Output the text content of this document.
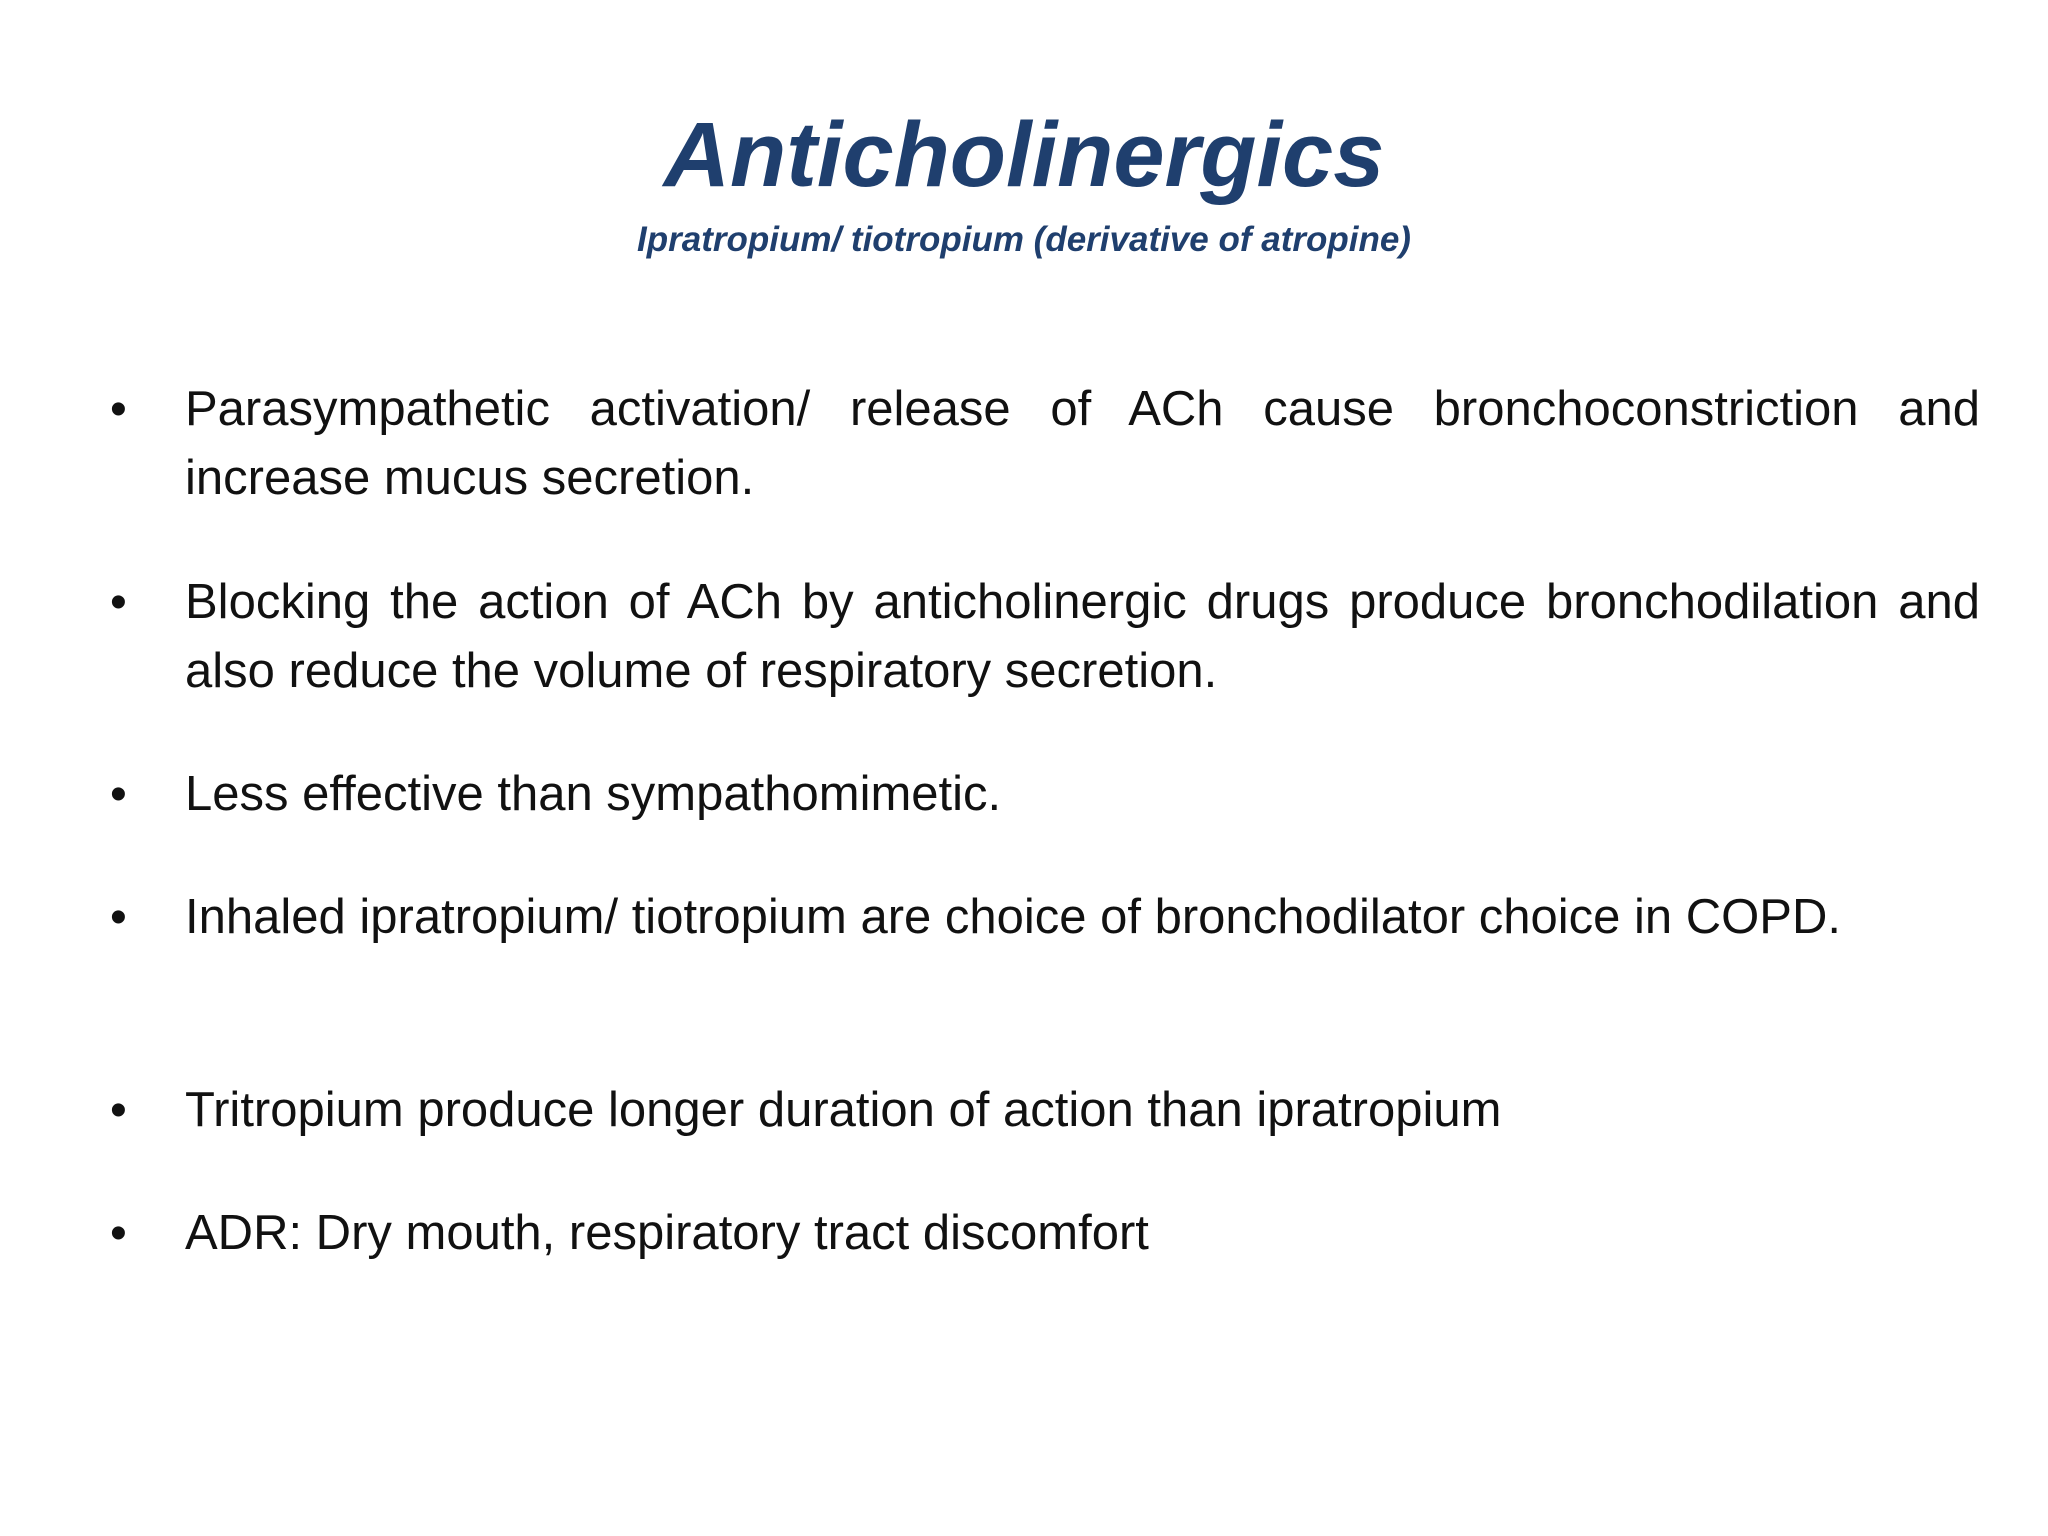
Anticholinergics

Ipratropium/ tiotropium (derivative of atropine)

•	Parasympathetic activation/ release of ACh cause bronchoconstriction and increase mucus secretion.
•	Blocking the action of ACh by anticholinergic drugs produce bronchodilation and also reduce the volume of respiratory secretion.
•	Less effective than sympathomimetic.
•	Inhaled ipratropium/ tiotropium are choice of bronchodilator choice in COPD.
•	Tritropium produce longer duration of action than ipratropium
•	ADR: Dry mouth, respiratory tract discomfort
